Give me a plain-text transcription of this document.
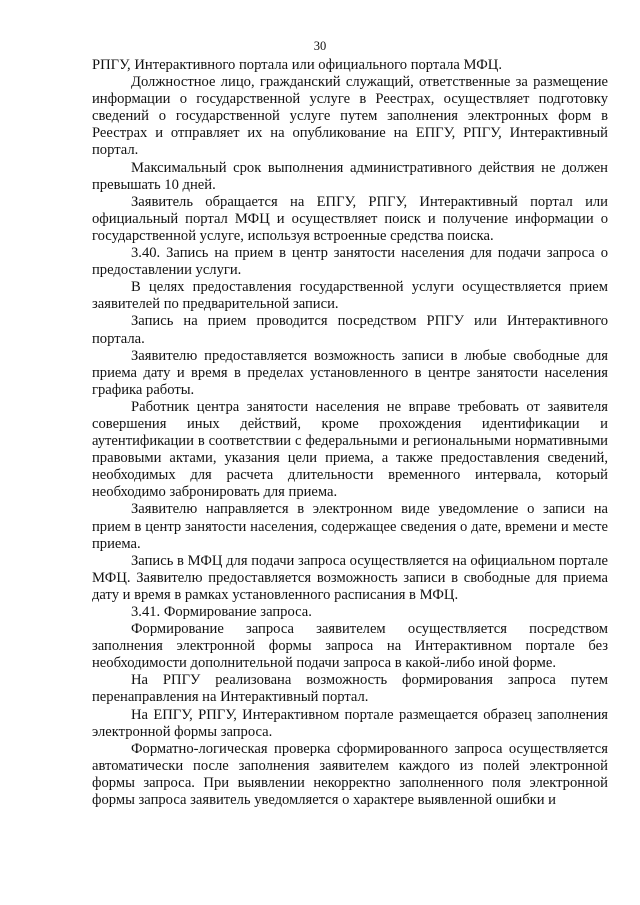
30

РПГУ, Интерактивного портала или официального портала МФЦ.

Должностное лицо, гражданский служащий, ответственные за размещение информации о государственной услуге в Реестрах, осуществляет подготовку сведений о государственной услуге путем заполнения электронных форм в Реестрах и отправляет их на опубликование на ЕПГУ, РПГУ, Интерактивный портал.

Максимальный срок выполнения административного действия не должен превышать 10 дней.

Заявитель обращается на ЕПГУ, РПГУ, Интерактивный портал или официальный портал МФЦ и осуществляет поиск и получение информации о государственной услуге, используя встроенные средства поиска.

3.40. Запись на прием в центр занятости населения для подачи запроса о предоставлении услуги.

В целях предоставления государственной услуги осуществляется прием заявителей по предварительной записи.

Запись на прием проводится посредством РПГУ или Интерактивного портала.

Заявителю предоставляется возможность записи в любые свободные для приема дату и время в пределах установленного в центре занятости населения графика работы.

Работник центра занятости населения не вправе требовать от заявителя совершения иных действий, кроме прохождения идентификации и аутентификации в соответствии с федеральными и региональными нормативными правовыми актами, указания цели приема, а также предоставления сведений, необходимых для расчета длительности временного интервала, который необходимо забронировать для приема.

Заявителю направляется в электронном виде уведомление о записи на прием в центр занятости населения, содержащее сведения о дате, времени и месте приема.

Запись в МФЦ для подачи запроса осуществляется на официальном портале МФЦ. Заявителю предоставляется возможность записи в свободные для приема дату и время в рамках установленного расписания в МФЦ.

3.41. Формирование запроса.

Формирование запроса заявителем осуществляется посредством заполнения электронной формы запроса на Интерактивном портале без необходимости дополнительной подачи запроса в какой-либо иной форме.

На РПГУ реализована возможность формирования запроса путем перенаправления на Интерактивный портал.

На ЕПГУ, РПГУ, Интерактивном портале размещается образец заполнения электронной формы запроса.

Форматно-логическая проверка сформированного запроса осуществляется автоматически после заполнения заявителем каждого из полей электронной формы запроса. При выявлении некорректно заполненного поля электронной формы запроса заявитель уведомляется о характере выявленной ошибки и
